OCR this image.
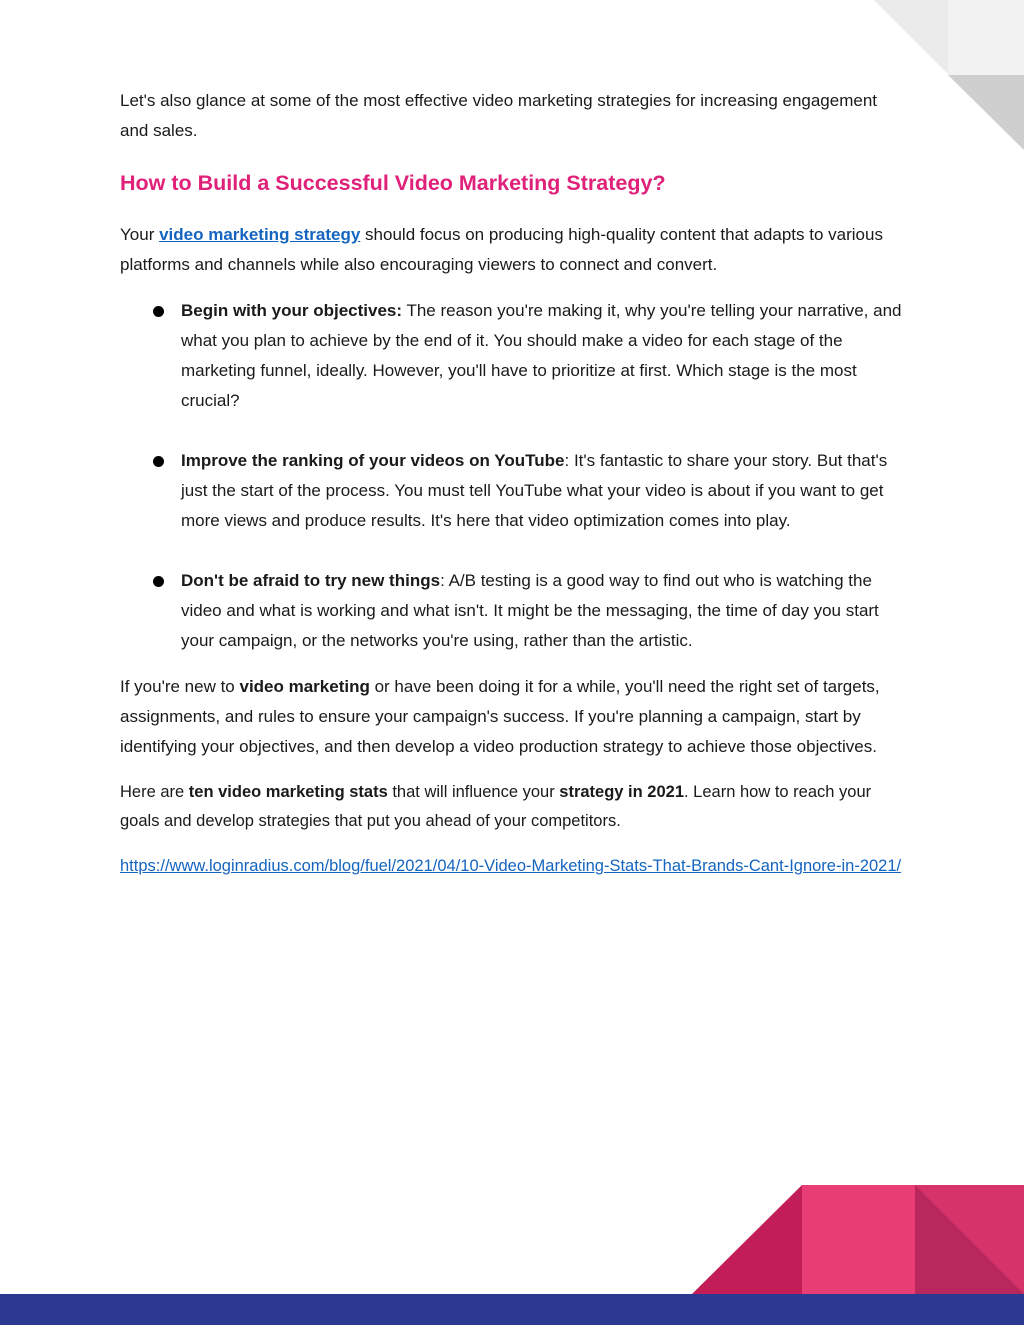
Let's also glance at some of the most effective video marketing strategies for increasing engagement and sales.

How to Build a Successful Video Marketing Strategy?

Your video marketing strategy should focus on producing high-quality content that adapts to various platforms and channels while also encouraging viewers to connect and convert.

Begin with your objectives: The reason you're making it, why you're telling your narrative, and what you plan to achieve by the end of it. You should make a video for each stage of the marketing funnel, ideally. However, you'll have to prioritize at first. Which stage is the most crucial?
Improve the ranking of your videos on YouTube: It's fantastic to share your story. But that's just the start of the process. You must tell YouTube what your video is about if you want to get more views and produce results. It's here that video optimization comes into play.
Don't be afraid to try new things: A/B testing is a good way to find out who is watching the video and what is working and what isn't. It might be the messaging, the time of day you start your campaign, or the networks you're using, rather than the artistic.

If you're new to video marketing or have been doing it for a while, you'll need the right set of targets, assignments, and rules to ensure your campaign's success. If you're planning a campaign, start by identifying your objectives, and then develop a video production strategy to achieve those objectives.

Here are ten video marketing stats that will influence your strategy in 2021. Learn how to reach your goals and develop strategies that put you ahead of your competitors.

https://www.loginradius.com/blog/fuel/2021/04/10-Video-Marketing-Stats-That-Brands-Cant-Ignore-in-2021/
